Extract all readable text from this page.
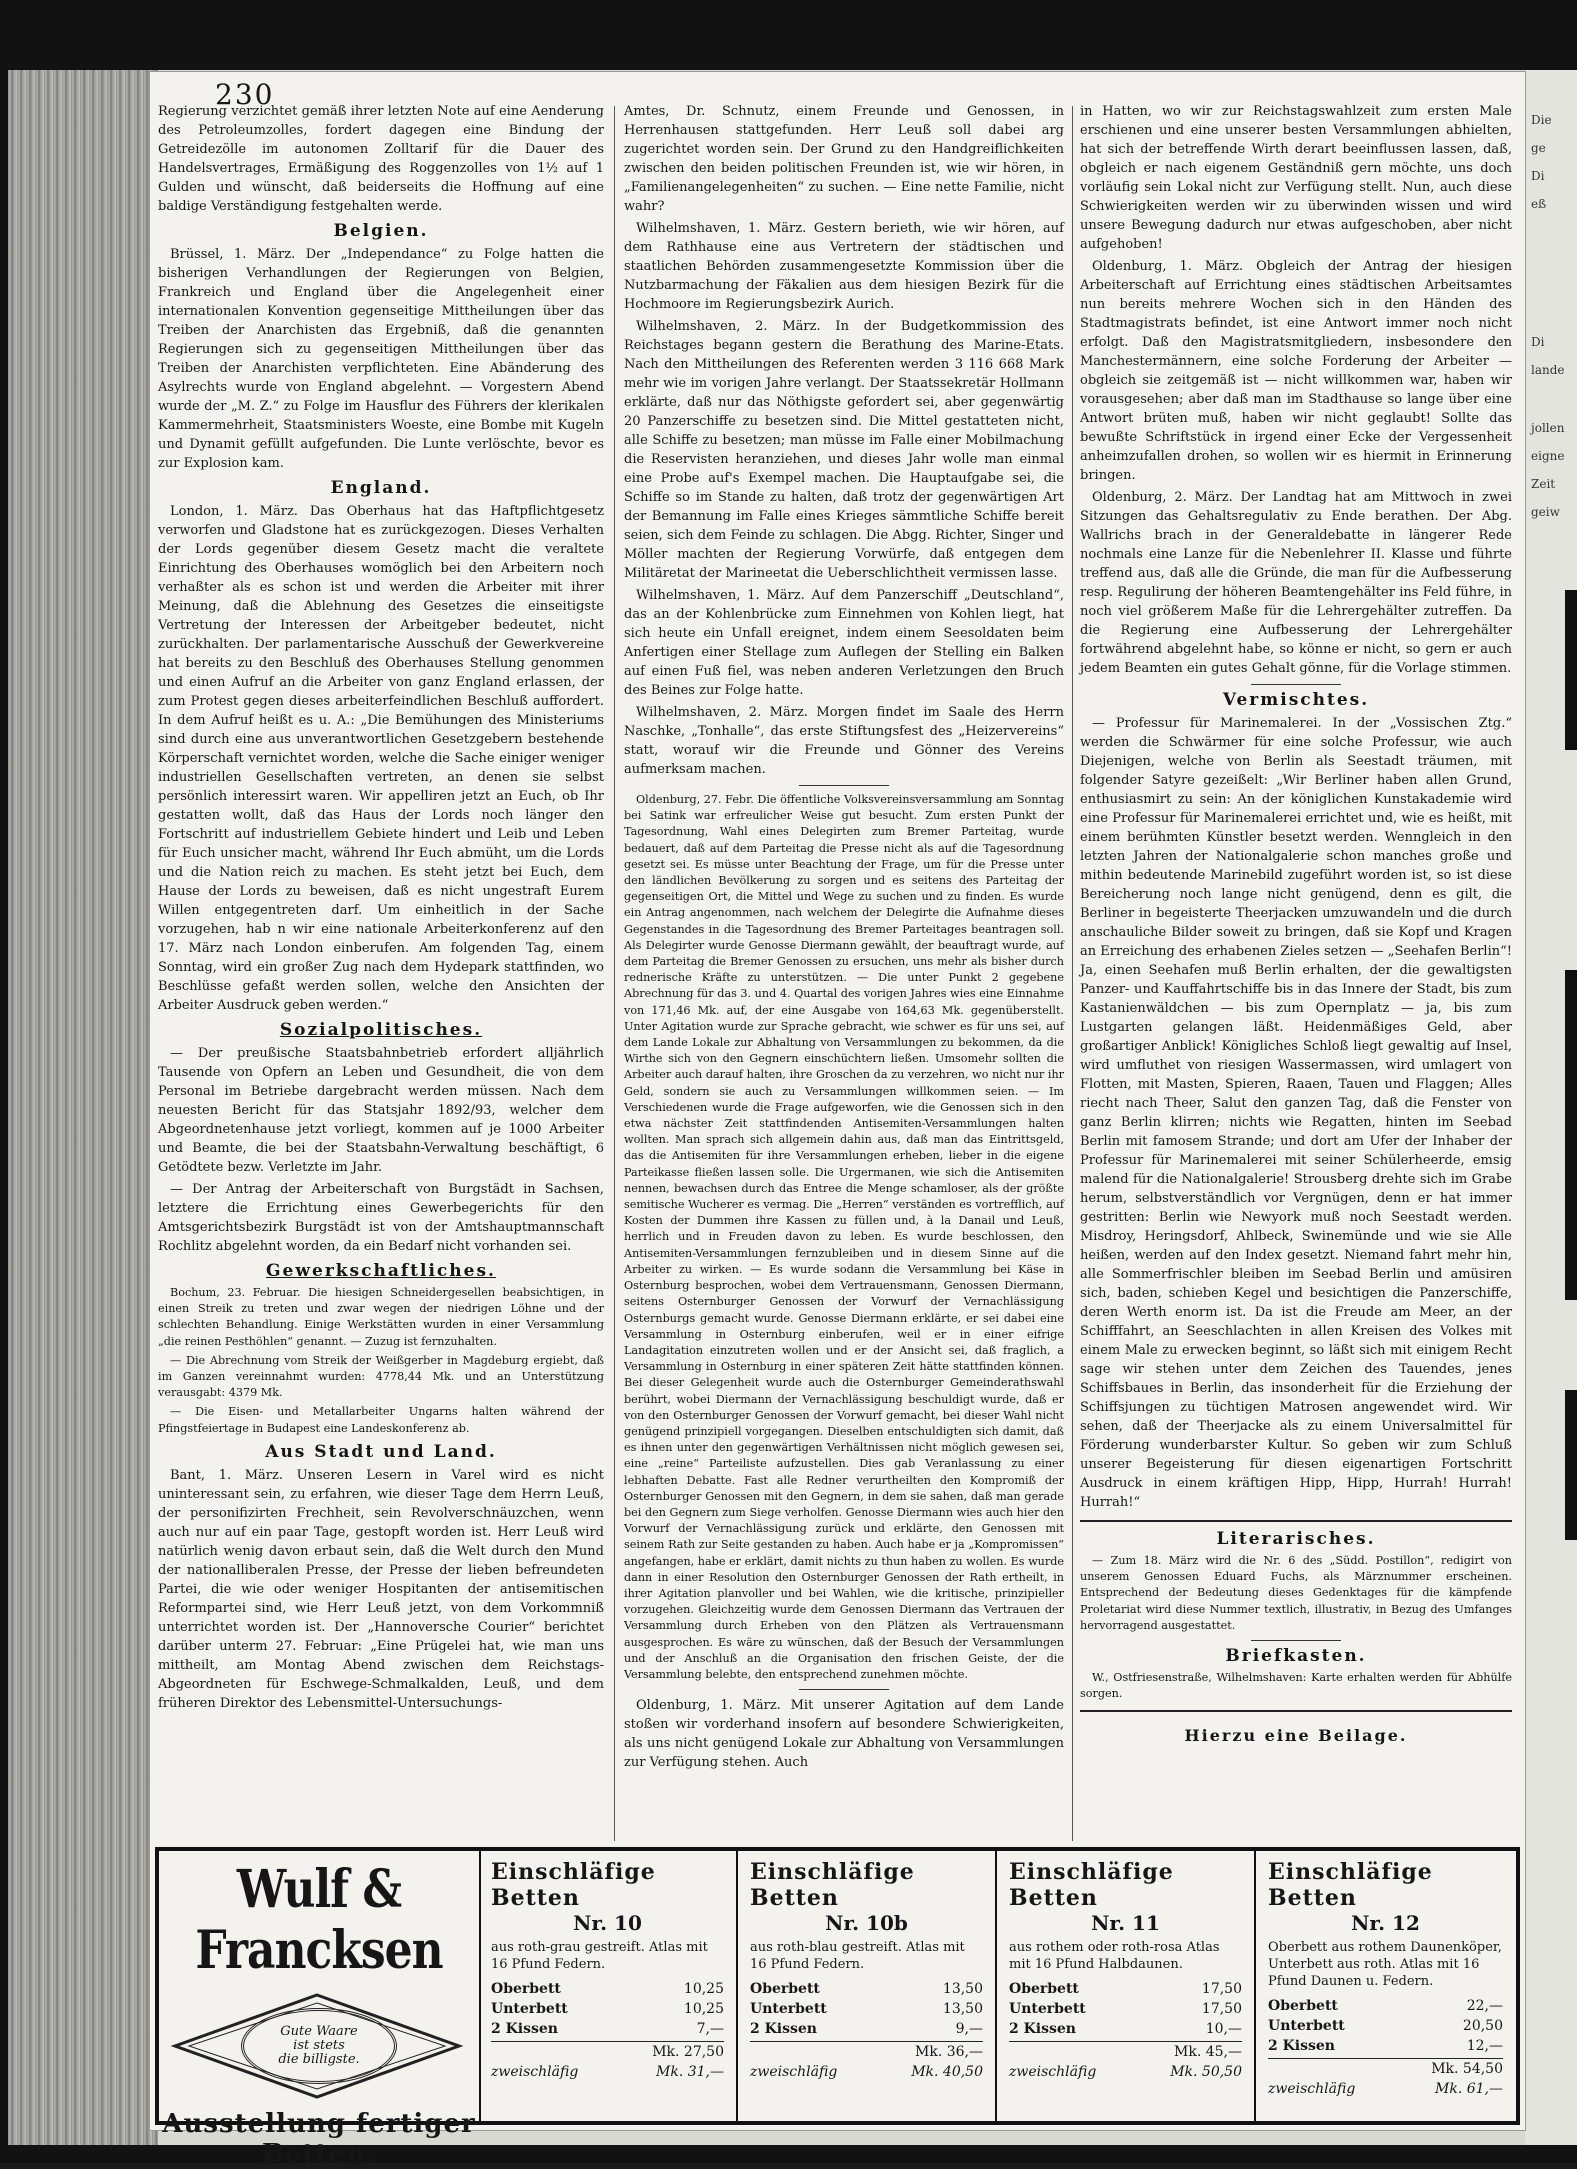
Die
ge
Di
eß
Di
lande
jollen
eigne
Zeit
geiw
230

Regierung verzichtet gemäß ihrer letzten Note auf eine Aenderung des Petroleumzolles, fordert dagegen eine Bindung der Getreidezölle im autonomen Zolltarif für die Dauer des Handelsvertrages, Ermäßigung des Roggenzolles von 1½ auf 1 Gulden und wünscht, daß beiderseits die Hoffnung auf eine baldige Verständigung festgehalten werde.

Belgien.

Brüssel, 1. März. Der „Independance“ zu Folge hatten die bisherigen Verhandlungen der Regierungen von Belgien, Frankreich und England über die Angelegenheit einer internationalen Konvention gegenseitige Mittheilungen über das Treiben der Anarchisten das Ergebniß, daß die genannten Regierungen sich zu gegenseitigen Mittheilungen über das Treiben der Anarchisten verpflichteten. Eine Abänderung des Asylrechts wurde von England abgelehnt. — Vorgestern Abend wurde der „M. Z.“ zu Folge im Hausflur des Führers der klerikalen Kammermehrheit, Staatsministers Woeste, eine Bombe mit Kugeln und Dynamit gefüllt aufgefunden. Die Lunte verlöschte, bevor es zur Explosion kam.

England.

London, 1. März. Das Oberhaus hat das Haftpflichtgesetz verworfen und Gladstone hat es zurückgezogen. Dieses Verhalten der Lords gegenüber diesem Gesetz macht die veraltete Einrichtung des Oberhauses womöglich bei den Arbeitern noch verhaßter als es schon ist und werden die Arbeiter mit ihrer Meinung, daß die Ablehnung des Gesetzes die einseitigste Vertretung der Interessen der Arbeitgeber bedeutet, nicht zurückhalten. Der parlamentarische Ausschuß der Gewerkvereine hat bereits zu den Beschluß des Oberhauses Stellung genommen und einen Aufruf an die Arbeiter von ganz England erlassen, der zum Protest gegen dieses arbeiterfeindlichen Beschluß auffordert. In dem Aufruf heißt es u. A.: „Die Bemühungen des Ministeriums sind durch eine aus unverantwortlichen Gesetzgebern bestehende Körperschaft vernichtet worden, welche die Sache einiger weniger industriellen Gesellschaften vertreten, an denen sie selbst persönlich interessirt waren. Wir appelliren jetzt an Euch, ob Ihr gestatten wollt, daß das Haus der Lords noch länger den Fortschritt auf industriellem Gebiete hindert und Leib und Leben für Euch unsicher macht, während Ihr Euch abmüht, um die Lords und die Nation reich zu machen. Es steht jetzt bei Euch, dem Hause der Lords zu beweisen, daß es nicht ungestraft Eurem Willen entgegentreten darf. Um einheitlich in der Sache vorzugehen, hab n wir eine nationale Arbeiterkonferenz auf den 17. März nach London einberufen. Am folgenden Tag, einem Sonntag, wird ein großer Zug nach dem Hydepark stattfinden, wo Beschlüsse gefaßt werden sollen, welche den Ansichten der Arbeiter Ausdruck geben werden.“

Sozialpolitisches.

— Der preußische Staatsbahnbetrieb erfordert alljährlich Tausende von Opfern an Leben und Gesundheit, die von dem Personal im Betriebe dargebracht werden müssen. Nach dem neuesten Bericht für das Statsjahr 1892/93, welcher dem Abgeordnetenhause jetzt vorliegt, kommen auf je 1000 Arbeiter und Beamte, die bei der Staatsbahn-Verwaltung beschäftigt, 6 Getödtete bezw. Verletzte im Jahr.

— Der Antrag der Arbeiterschaft von Burgstädt in Sachsen, letztere die Errichtung eines Gewerbegerichts für den Amtsgerichtsbezirk Burgstädt ist von der Amtshauptmannschaft Rochlitz abgelehnt worden, da ein Bedarf nicht vorhanden sei.

Gewerkschaftliches.

Bochum, 23. Februar. Die hiesigen Schneidergesellen beabsichtigen, in einen Streik zu treten und zwar wegen der niedrigen Löhne und der schlechten Behandlung. Einige Werkstätten wurden in einer Versammlung „die reinen Pesthöhlen“ genannt. — Zuzug ist fernzuhalten.

— Die Abrechnung vom Streik der Weißgerber in Magdeburg ergiebt, daß im Ganzen vereinnahmt wurden: 4778,44 Mk. und an Unterstützung verausgabt: 4379 Mk.

— Die Eisen- und Metallarbeiter Ungarns halten während der Pfingstfeiertage in Budapest eine Landeskonferenz ab.

Aus Stadt und Land.

Bant, 1. März. Unseren Lesern in Varel wird es nicht uninteressant sein, zu erfahren, wie dieser Tage dem Herrn Leuß, der personifizirten Frechheit, sein Revolverschnäuzchen, wenn auch nur auf ein paar Tage, gestopft worden ist. Herr Leuß wird natürlich wenig davon erbaut sein, daß die Welt durch den Mund der nationalliberalen Presse, der Presse der lieben befreundeten Partei, die wie oder weniger Hospitanten der antisemitischen Reformpartei sind, wie Herr Leuß jetzt, von dem Vorkommniß unterrichtet worden ist. Der „Hannoversche Courier“ berichtet darüber unterm 27. Februar: „Eine Prügelei hat, wie man uns mittheilt, am Montag Abend zwischen dem Reichstags-Abgeordneten für Eschwege-Schmalkalden, Leuß, und dem früheren Direktor des Lebensmittel-Untersuchungs-

Amtes, Dr. Schnutz, einem Freunde und Genossen, in Herrenhausen stattgefunden. Herr Leuß soll dabei arg zugerichtet worden sein. Der Grund zu den Handgreiflichkeiten zwischen den beiden politischen Freunden ist, wie wir hören, in „Familienangelegenheiten“ zu suchen. — Eine nette Familie, nicht wahr?

Wilhelmshaven, 1. März. Gestern berieth, wie wir hören, auf dem Rathhause eine aus Vertretern der städtischen und staatlichen Behörden zusammengesetzte Kommission über die Nutzbarmachung der Fäkalien aus dem hiesigen Bezirk für die Hochmoore im Regierungsbezirk Aurich.

Wilhelmshaven, 2. März. In der Budgetkommission des Reichstages begann gestern die Berathung des Marine-Etats. Nach den Mittheilungen des Referenten werden 3 116 668 Mark mehr wie im vorigen Jahre verlangt. Der Staatssekretär Hollmann erklärte, daß nur das Nöthigste gefordert sei, aber gegenwärtig 20 Panzerschiffe zu besetzen sind. Die Mittel gestatteten nicht, alle Schiffe zu besetzen; man müsse im Falle einer Mobilmachung die Reservisten heranziehen, und dieses Jahr wolle man einmal eine Probe auf's Exempel machen. Die Hauptaufgabe sei, die Schiffe so im Stande zu halten, daß trotz der gegenwärtigen Art der Bemannung im Falle eines Krieges sämmtliche Schiffe bereit seien, sich dem Feinde zu schlagen. Die Abgg. Richter, Singer und Möller machten der Regierung Vorwürfe, daß entgegen dem Militäretat der Marineetat die Ueberschlichtheit vermissen lasse.

Wilhelmshaven, 1. März. Auf dem Panzerschiff „Deutschland“, das an der Kohlenbrücke zum Einnehmen von Kohlen liegt, hat sich heute ein Unfall ereignet, indem einem Seesoldaten beim Anfertigen einer Stellage zum Auflegen der Stelling ein Balken auf einen Fuß fiel, was neben anderen Verletzungen den Bruch des Beines zur Folge hatte.

Wilhelmshaven, 2. März. Morgen findet im Saale des Herrn Naschke, „Tonhalle“, das erste Stiftungsfest des „Heizervereins“ statt, worauf wir die Freunde und Gönner des Vereins aufmerksam machen.

Oldenburg, 27. Febr. Die öffentliche Volksvereinsversammlung am Sonntag bei Satink war erfreulicher Weise gut besucht. Zum ersten Punkt der Tagesordnung, Wahl eines Delegirten zum Bremer Parteitag, wurde bedauert, daß auf dem Parteitag die Presse nicht als auf die Tagesordnung gesetzt sei. Es müsse unter Beachtung der Frage, um für die Presse unter den ländlichen Bevölkerung zu sorgen und es seitens des Parteitag der gegenseitigen Ort, die Mittel und Wege zu suchen und zu finden. Es wurde ein Antrag angenommen, nach welchem der Delegirte die Aufnahme dieses Gegenstandes in die Tagesordnung des Bremer Parteitages beantragen soll. Als Delegirter wurde Genosse Diermann gewählt, der beauftragt wurde, auf dem Parteitag die Bremer Genossen zu ersuchen, uns mehr als bisher durch rednerische Kräfte zu unterstützen. — Die unter Punkt 2 gegebene Abrechnung für das 3. und 4. Quartal des vorigen Jahres wies eine Einnahme von 171,46 Mk. auf, der eine Ausgabe von 164,63 Mk. gegenüberstellt. Unter Agitation wurde zur Sprache gebracht, wie schwer es für uns sei, auf dem Lande Lokale zur Abhaltung von Versammlungen zu bekommen, da die Wirthe sich von den Gegnern einschüchtern ließen. Umsomehr sollten die Arbeiter auch darauf halten, ihre Groschen da zu verzehren, wo nicht nur ihr Geld, sondern sie auch zu Versammlungen willkommen seien. — Im Verschiedenen wurde die Frage aufgeworfen, wie die Genossen sich in den etwa nächster Zeit stattfindenden Antisemiten-Versammlungen halten wollten. Man sprach sich allgemein dahin aus, daß man das Eintrittsgeld, das die Antisemiten für ihre Versammlungen erheben, lieber in die eigene Parteikasse fließen lassen solle. Die Urgermanen, wie sich die Antisemiten nennen, bewachsen durch das Entree die Menge schamloser, als der größte semitische Wucherer es vermag. Die „Herren“ verständen es vortrefflich, auf Kosten der Dummen ihre Kassen zu füllen und, à la Danail und Leuß, herrlich und in Freuden davon zu leben. Es wurde beschlossen, den Antisemiten-Versammlungen fernzubleiben und in diesem Sinne auf die Arbeiter zu wirken. — Es wurde sodann die Versammlung bei Käse in Osternburg besprochen, wobei dem Vertrauensmann, Genossen Diermann, seitens Osternburger Genossen der Vorwurf der Vernachlässigung Osternburgs gemacht wurde. Genosse Diermann erklärte, er sei dabei eine Versammlung in Osternburg einberufen, weil er in einer eifrige Landagitation einzutreten wollen und er der Ansicht sei, daß fraglich, a Versammlung in Osternburg in einer späteren Zeit hätte stattfinden können. Bei dieser Gelegenheit wurde auch die Osternburger Gemeinderathswahl berührt, wobei Diermann der Vernachlässigung beschuldigt wurde, daß er von den Osternburger Genossen der Vorwurf gemacht, bei dieser Wahl nicht genügend prinzipiell vorgegangen. Dieselben entschuldigten sich damit, daß es ihnen unter den gegenwärtigen Verhältnissen nicht möglich gewesen sei, eine „reine“ Parteiliste aufzustellen. Dies gab Veranlassung zu einer lebhaften Debatte. Fast alle Redner verurtheilten den Kompromiß der Osternburger Genossen mit den Gegnern, in dem sie sahen, daß man gerade bei den Gegnern zum Siege verholfen. Genosse Diermann wies auch hier den Vorwurf der Vernachlässigung zurück und erklärte, den Genossen mit seinem Rath zur Seite gestanden zu haben. Auch habe er ja „Kompromissen“ angefangen, habe er erklärt, damit nichts zu thun haben zu wollen. Es wurde dann in einer Resolution den Osternburger Genossen der Rath ertheilt, in ihrer Agitation planvoller und bei Wahlen, wie die kritische, prinzipieller vorzugehen. Gleichzeitig wurde dem Genossen Diermann das Vertrauen der Versammlung durch Erheben von den Plätzen als Vertrauensmann ausgesprochen. Es wäre zu wünschen, daß der Besuch der Versammlungen und der Anschluß an die Organisation den frischen Geiste, der die Versammlung belebte, den entsprechend zunehmen möchte.

Oldenburg, 1. März. Mit unserer Agitation auf dem Lande stoßen wir vorderhand insofern auf besondere Schwierigkeiten, als uns nicht genügend Lokale zur Abhaltung von Versammlungen zur Verfügung stehen. Auch

in Hatten, wo wir zur Reichstagswahlzeit zum ersten Male erschienen und eine unserer besten Versammlungen abhielten, hat sich der betreffende Wirth derart beeinflussen lassen, daß, obgleich er nach eigenem Geständniß gern möchte, uns doch vorläufig sein Lokal nicht zur Verfügung stellt. Nun, auch diese Schwierigkeiten werden wir zu überwinden wissen und wird unsere Bewegung dadurch nur etwas aufgeschoben, aber nicht aufgehoben!

Oldenburg, 1. März. Obgleich der Antrag der hiesigen Arbeiterschaft auf Errichtung eines städtischen Arbeitsamtes nun bereits mehrere Wochen sich in den Händen des Stadtmagistrats befindet, ist eine Antwort immer noch nicht erfolgt. Daß den Magistratsmitgliedern, insbesondere den Manchestermännern, eine solche Forderung der Arbeiter — obgleich sie zeitgemäß ist — nicht willkommen war, haben wir vorausgesehen; aber daß man im Stadthause so lange über eine Antwort brüten muß, haben wir nicht geglaubt! Sollte das bewußte Schriftstück in irgend einer Ecke der Vergessenheit anheimzufallen drohen, so wollen wir es hiermit in Erinnerung bringen.

Oldenburg, 2. März. Der Landtag hat am Mittwoch in zwei Sitzungen das Gehaltsregulativ zu Ende berathen. Der Abg. Wallrichs brach in der Generaldebatte in längerer Rede nochmals eine Lanze für die Nebenlehrer II. Klasse und führte treffend aus, daß alle die Gründe, die man für die Aufbesserung resp. Regulirung der höheren Beamtengehälter ins Feld führe, in noch viel größerem Maße für die Lehrergehälter zutreffen. Da die Regierung eine Aufbesserung der Lehrergehälter fortwährend abgelehnt habe, so könne er nicht, so gern er auch jedem Beamten ein gutes Gehalt gönne, für die Vorlage stimmen.

Vermischtes.

— Professur für Marinemalerei. In der „Vossischen Ztg.“ werden die Schwärmer für eine solche Professur, wie auch Diejenigen, welche von Berlin als Seestadt träumen, mit folgender Satyre gezeißelt: „Wir Berliner haben allen Grund, enthusiasmirt zu sein: An der königlichen Kunstakademie wird eine Professur für Marinemalerei errichtet und, wie es heißt, mit einem berühmten Künstler besetzt werden. Wenngleich in den letzten Jahren der Nationalgalerie schon manches große und mithin bedeutende Marinebild zugeführt worden ist, so ist diese Bereicherung noch lange nicht genügend, denn es gilt, die Berliner in begeisterte Theerjacken umzuwandeln und die durch anschauliche Bilder soweit zu bringen, daß sie Kopf und Kragen an Erreichung des erhabenen Zieles setzen — „Seehafen Berlin“! Ja, einen Seehafen muß Berlin erhalten, der die gewaltigsten Panzer- und Kauffahrtschiffe bis in das Innere der Stadt, bis zum Kastanienwäldchen — bis zum Opernplatz — ja, bis zum Lustgarten gelangen läßt. Heidenmäßiges Geld, aber großartiger Anblick! Königliches Schloß liegt gewaltig auf Insel, wird umfluthet von riesigen Wassermassen, wird umlagert von Flotten, mit Masten, Spieren, Raaen, Tauen und Flaggen; Alles riecht nach Theer, Salut den ganzen Tag, daß die Fenster von ganz Berlin klirren; nichts wie Regatten, hinten im Seebad Berlin mit famosem Strande; und dort am Ufer der Inhaber der Professur für Marinemalerei mit seiner Schülerheerde, emsig malend für die Nationalgalerie! Strousberg drehte sich im Grabe herum, selbstverständlich vor Vergnügen, denn er hat immer gestritten: Berlin wie Newyork muß noch Seestadt werden. Misdroy, Heringsdorf, Ahlbeck, Swinemünde und wie sie Alle heißen, werden auf den Index gesetzt. Niemand fahrt mehr hin, alle Sommerfrischler bleiben im Seebad Berlin und amüsiren sich, baden, schieben Kegel und besichtigen die Panzerschiffe, deren Werth enorm ist. Da ist die Freude am Meer, an der Schifffahrt, an Seeschlachten in allen Kreisen des Volkes mit einem Male zu erwecken beginnt, so läßt sich mit einigem Recht sage wir stehen unter dem Zeichen des Tauendes, jenes Schiffsbaues in Berlin, das insonderheit für die Erziehung der Schiffsjungen zu tüchtigen Matrosen angewendet wird. Wir sehen, daß der Theerjacke als zu einem Universalmittel für Förderung wunderbarster Kultur. So geben wir zum Schluß unserer Begeisterung für diesen eigenartigen Fortschritt Ausdruck in einem kräftigen Hipp, Hipp, Hurrah! Hurrah! Hurrah!“

Literarisches.

— Zum 18. März wird die Nr. 6 des „Südd. Postillon“, redigirt von unserem Genossen Eduard Fuchs, als Märznummer erscheinen. Entsprechend der Bedeutung dieses Gedenktages für die kämpfende Proletariat wird diese Nummer textlich, illustrativ, in Bezug des Umfanges hervorragend ausgestattet.

Briefkasten.

W., Ostfriesenstraße, Wilhelmshaven: Karte erhalten werden für Abhülfe sorgen.

Hierzu eine Beilage.
Wulf & Francksen
Gute Waare
ist stets
die billigste.
Ausstellung fertiger Betten.
Einschläfige Betten
Nr. 10
aus roth-grau gestreift. Atlas mit 16 Pfund Federn.
Oberbett	10,25
Unterbett	10,25
2 Kissen	7,—
Mk. 27,50
zweischläfig	Mk. 31,—
Einschläfige Betten
Nr. 10b
aus roth-blau gestreift. Atlas mit 16 Pfund Federn.
Oberbett	13,50
Unterbett	13,50
2 Kissen	9,—
Mk. 36,—
zweischläfig	Mk. 40,50
Einschläfige Betten
Nr. 11
aus rothem oder roth-rosa Atlas mit 16 Pfund Halbdaunen.
Oberbett	17,50
Unterbett	17,50
2 Kissen	10,—
Mk. 45,—
zweischläfig	Mk. 50,50
Einschläfige Betten
Nr. 12
Oberbett aus rothem Daunenköper, Unterbett aus roth. Atlas mit 16 Pfund Daunen u. Federn.
Oberbett	22,—
Unterbett	20,50
2 Kissen	12,—
Mk. 54,50
zweischläfig	Mk. 61,—
